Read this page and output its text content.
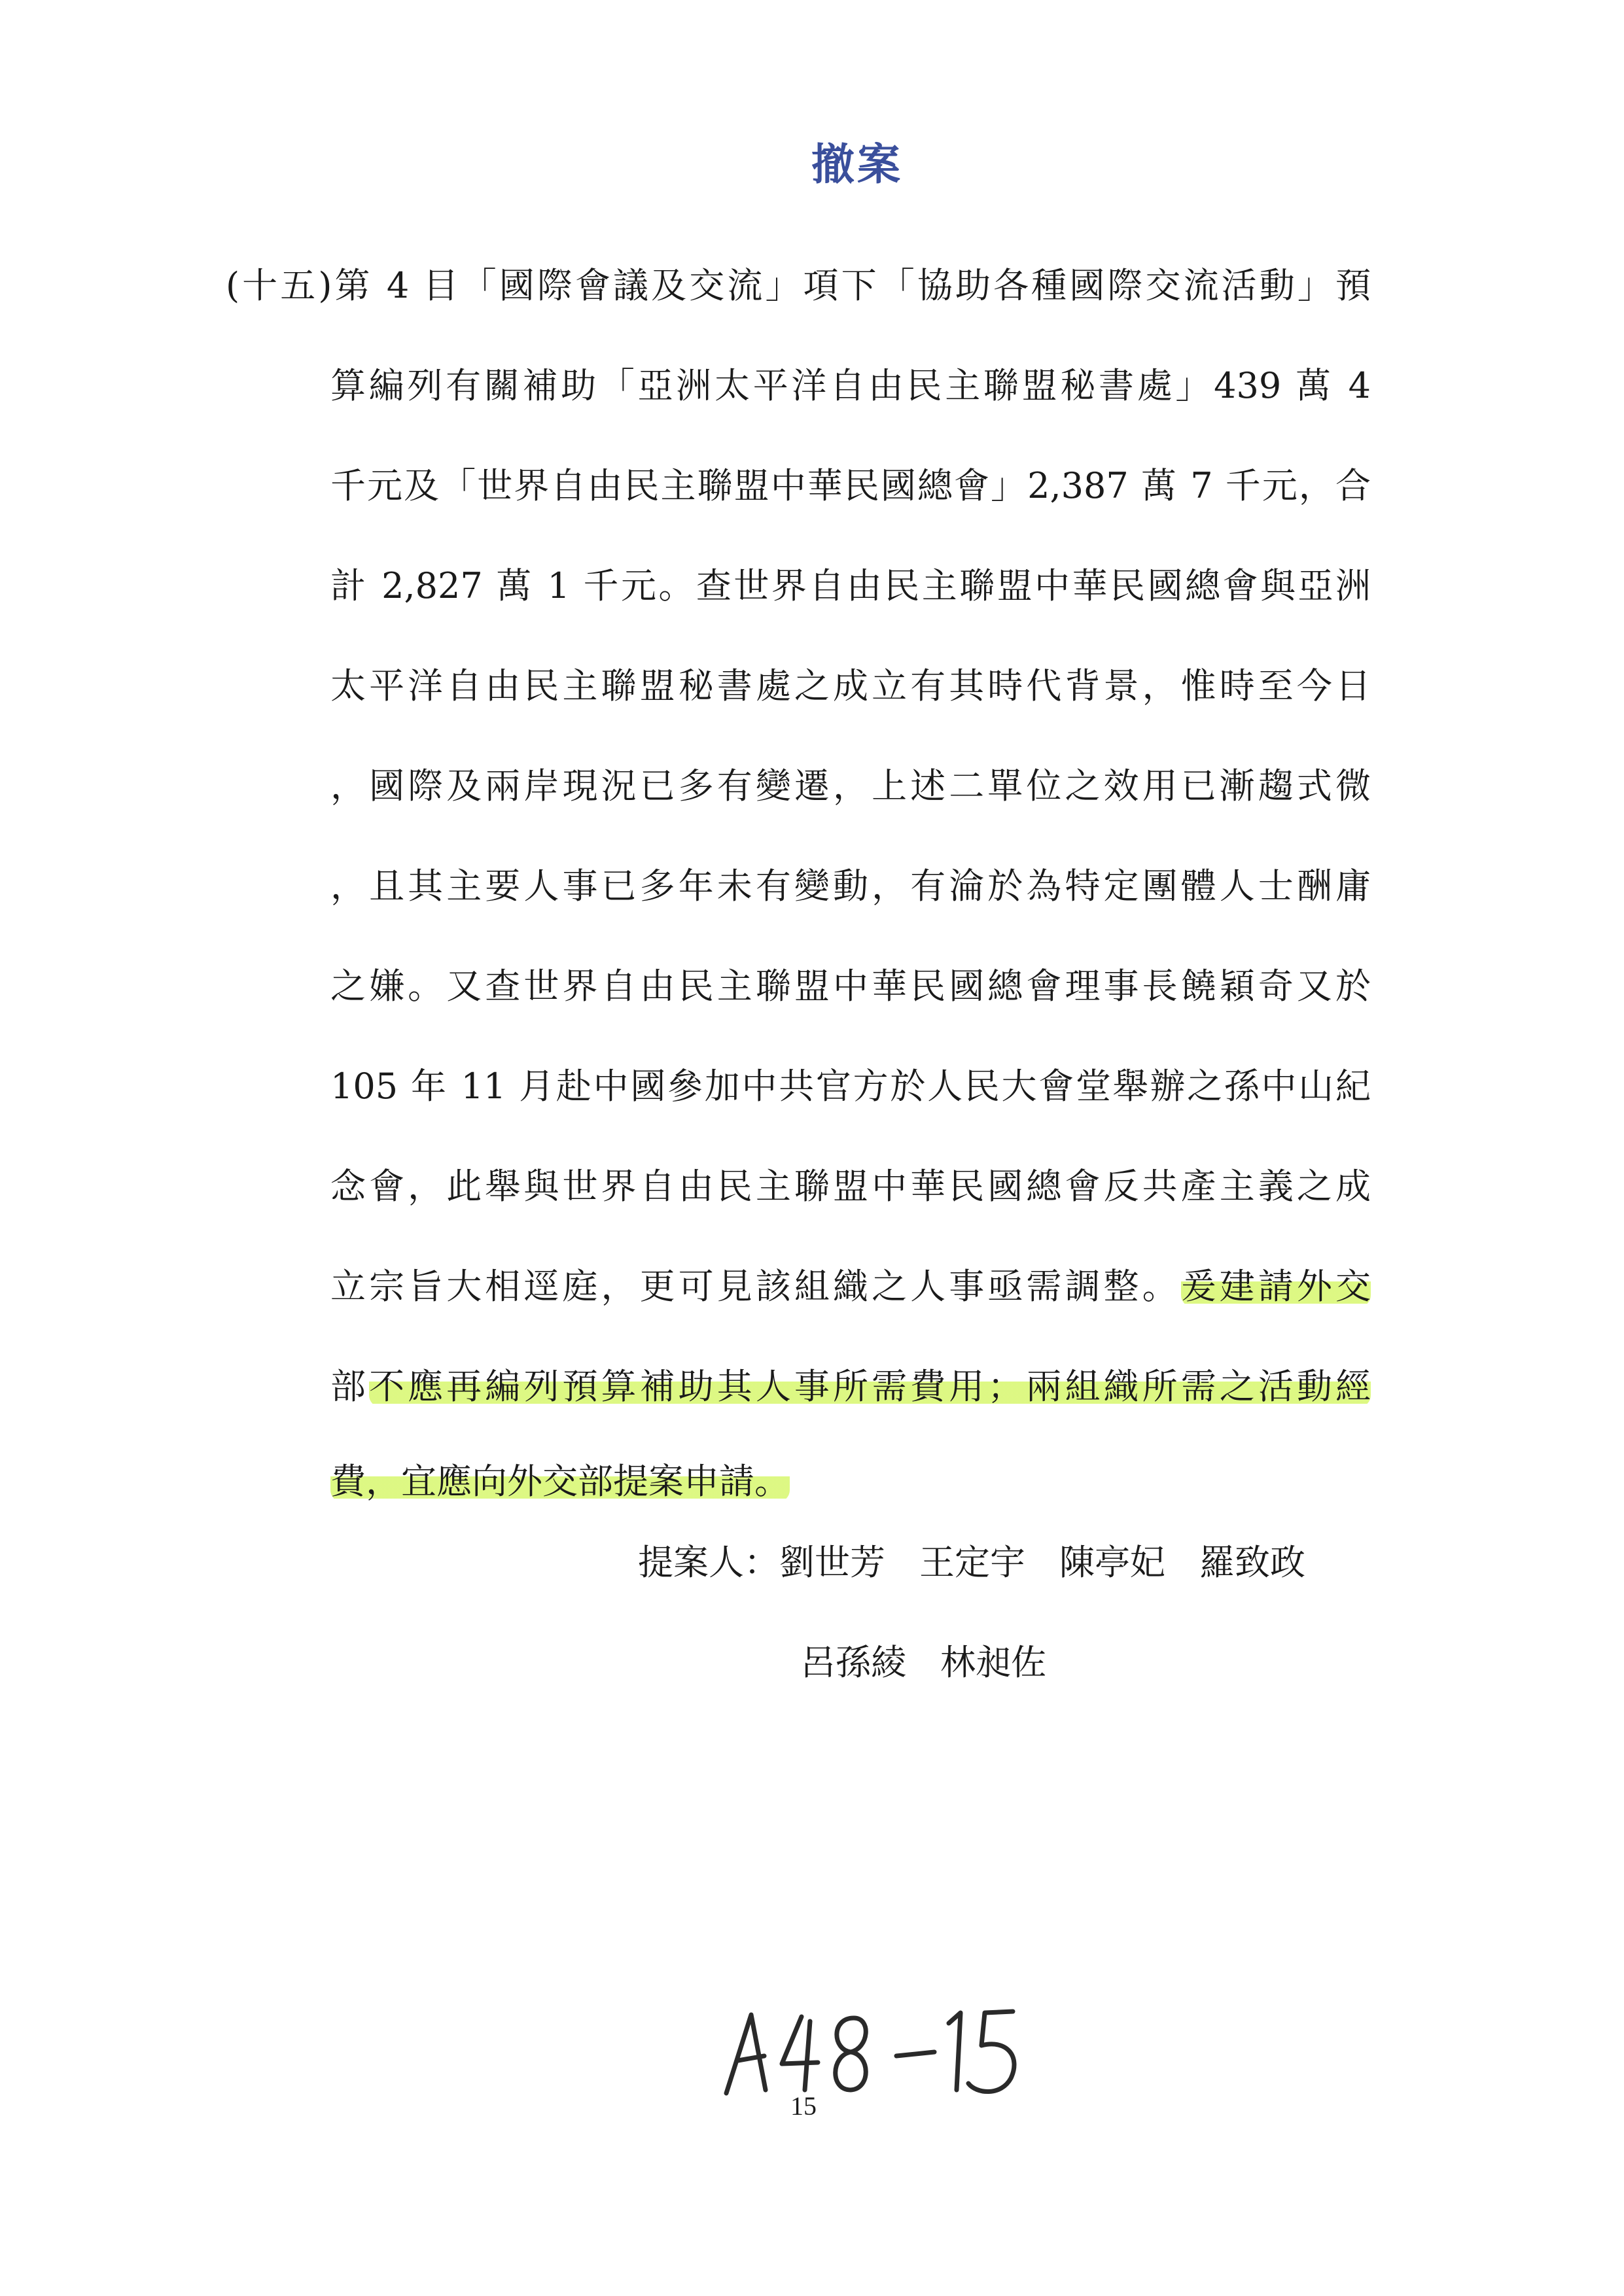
撤案
(十五)第 4 目「國際會議及交流」項下「協助各種國際交流活動」預
算編列有關補助「亞洲太平洋自由民主聯盟秘書處」439 萬 4
千元及「世界自由民主聯盟中華民國總會」2,387 萬 7 千元，合
計 2,827 萬 1 千元。查世界自由民主聯盟中華民國總會與亞洲
太平洋自由民主聯盟秘書處之成立有其時代背景，惟時至今日
，國際及兩岸現況已多有變遷，上述二單位之效用已漸趨式微
，且其主要人事已多年未有變動，有淪於為特定團體人士酬庸
之嫌。又查世界自由民主聯盟中華民國總會理事長饒穎奇又於
105 年 11 月赴中國參加中共官方於人民大會堂舉辦之孫中山紀
念會，此舉與世界自由民主聯盟中華民國總會反共產主義之成
立宗旨大相逕庭，更可見該組織之人事亟需調整。爰建請外交
部不應再編列預算補助其人事所需費用；兩組織所需之活動經
費，宜應向外交部提案申請。
提案人：劉世芳 王定宇 陳亭妃 羅致政
呂孫綾 林昶佐
15
